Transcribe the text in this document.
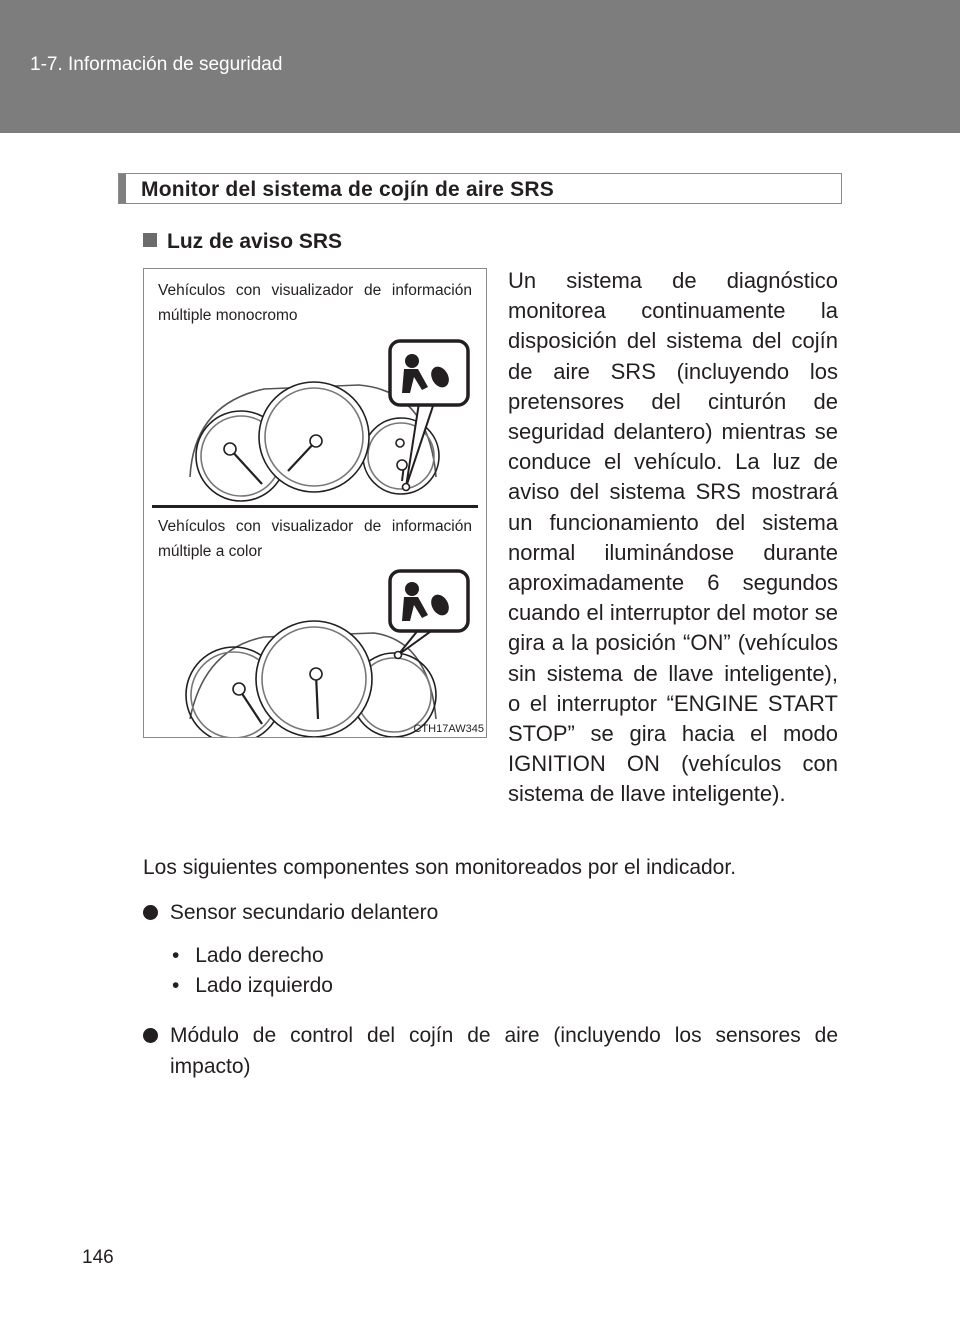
1-7. Información de seguridad
Monitor del sistema de cojín de aire SRS
Luz de aviso SRS
Vehículos con visualizador de información múltiple monocromo
Vehículos con visualizador de información múltiple a color
CTH17AW345
Un sistema de diagnóstico monitorea continuamente la disposición del sistema del cojín de aire SRS (incluyendo los pretensores del cinturón de seguridad delantero) mientras se conduce el vehículo. La luz de aviso del sistema SRS mostrará un funcionamiento del sistema normal iluminándose durante aproximadamente 6 segundos cuando el interruptor del motor se gira a la posición “ON” (vehículos sin sistema de llave inteligente), o el interruptor “ENGINE START STOP” se gira hacia el modo IGNITION ON (vehículos con sistema de llave inteligente).
Los siguientes componentes son monitoreados por el indicador.
Sensor secundario delantero
• Lado derecho
• Lado izquierdo
Módulo de control del cojín de aire (incluyendo los sensores de impacto)
146
